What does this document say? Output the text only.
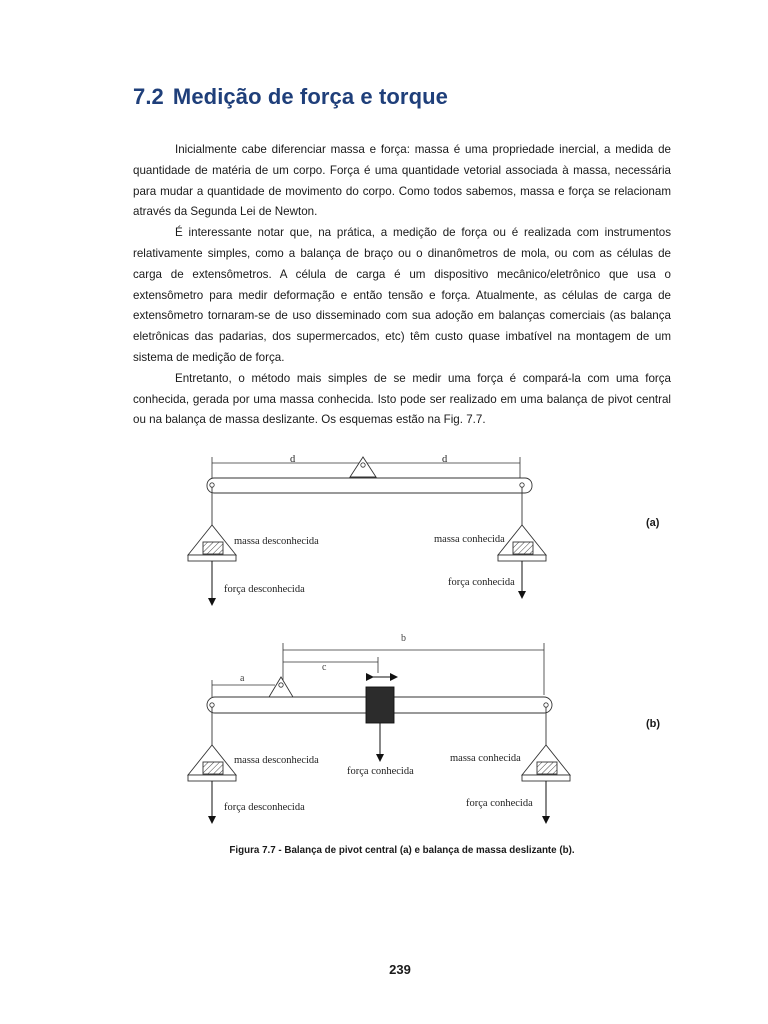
7.2 Medição de força e torque

Inicialmente cabe diferenciar massa e força: massa é uma propriedade inercial, a medida de quantidade de matéria de um corpo. Força é uma quantidade vetorial associada à massa, necessária para mudar a quantidade de movimento do corpo. Como todos sabemos, massa e força se relacionam através da Segunda Lei de Newton.

É interessante notar que, na prática, a medição de força ou é realizada com instrumentos relativamente simples, como a balança de braço ou o dinanômetros de mola, ou com as células de carga de extensômetros. A célula de carga é um dispositivo mecânico/eletrônico que usa o extensômetro para medir deformação e então tensão e força. Atualmente, as células de carga de extensômetro tornaram-se de uso disseminado com sua adoção em balanças comerciais (as balança eletrônicas das padarias, dos supermercados, etc) têm custo quase imbatível na montagem de um sistema de medição de força.

Entretanto, o método mais simples de se medir uma força é compará-la com uma força conhecida, gerada por uma massa conhecida. Isto pode ser realizado em uma balança de pivot central ou na balança de massa deslizante. Os esquemas estão na Fig. 7.7.

d	d
massa desconhecida
força desconhecida
massa conhecida
força conhecida
b
c
a
força conhecida
massa desconhecida
força desconhecida
massa conhecida
força conhecida
(a)
(b)
Figura 7.7 - Balança de pivot central (a) e balança de massa deslizante (b).
239
